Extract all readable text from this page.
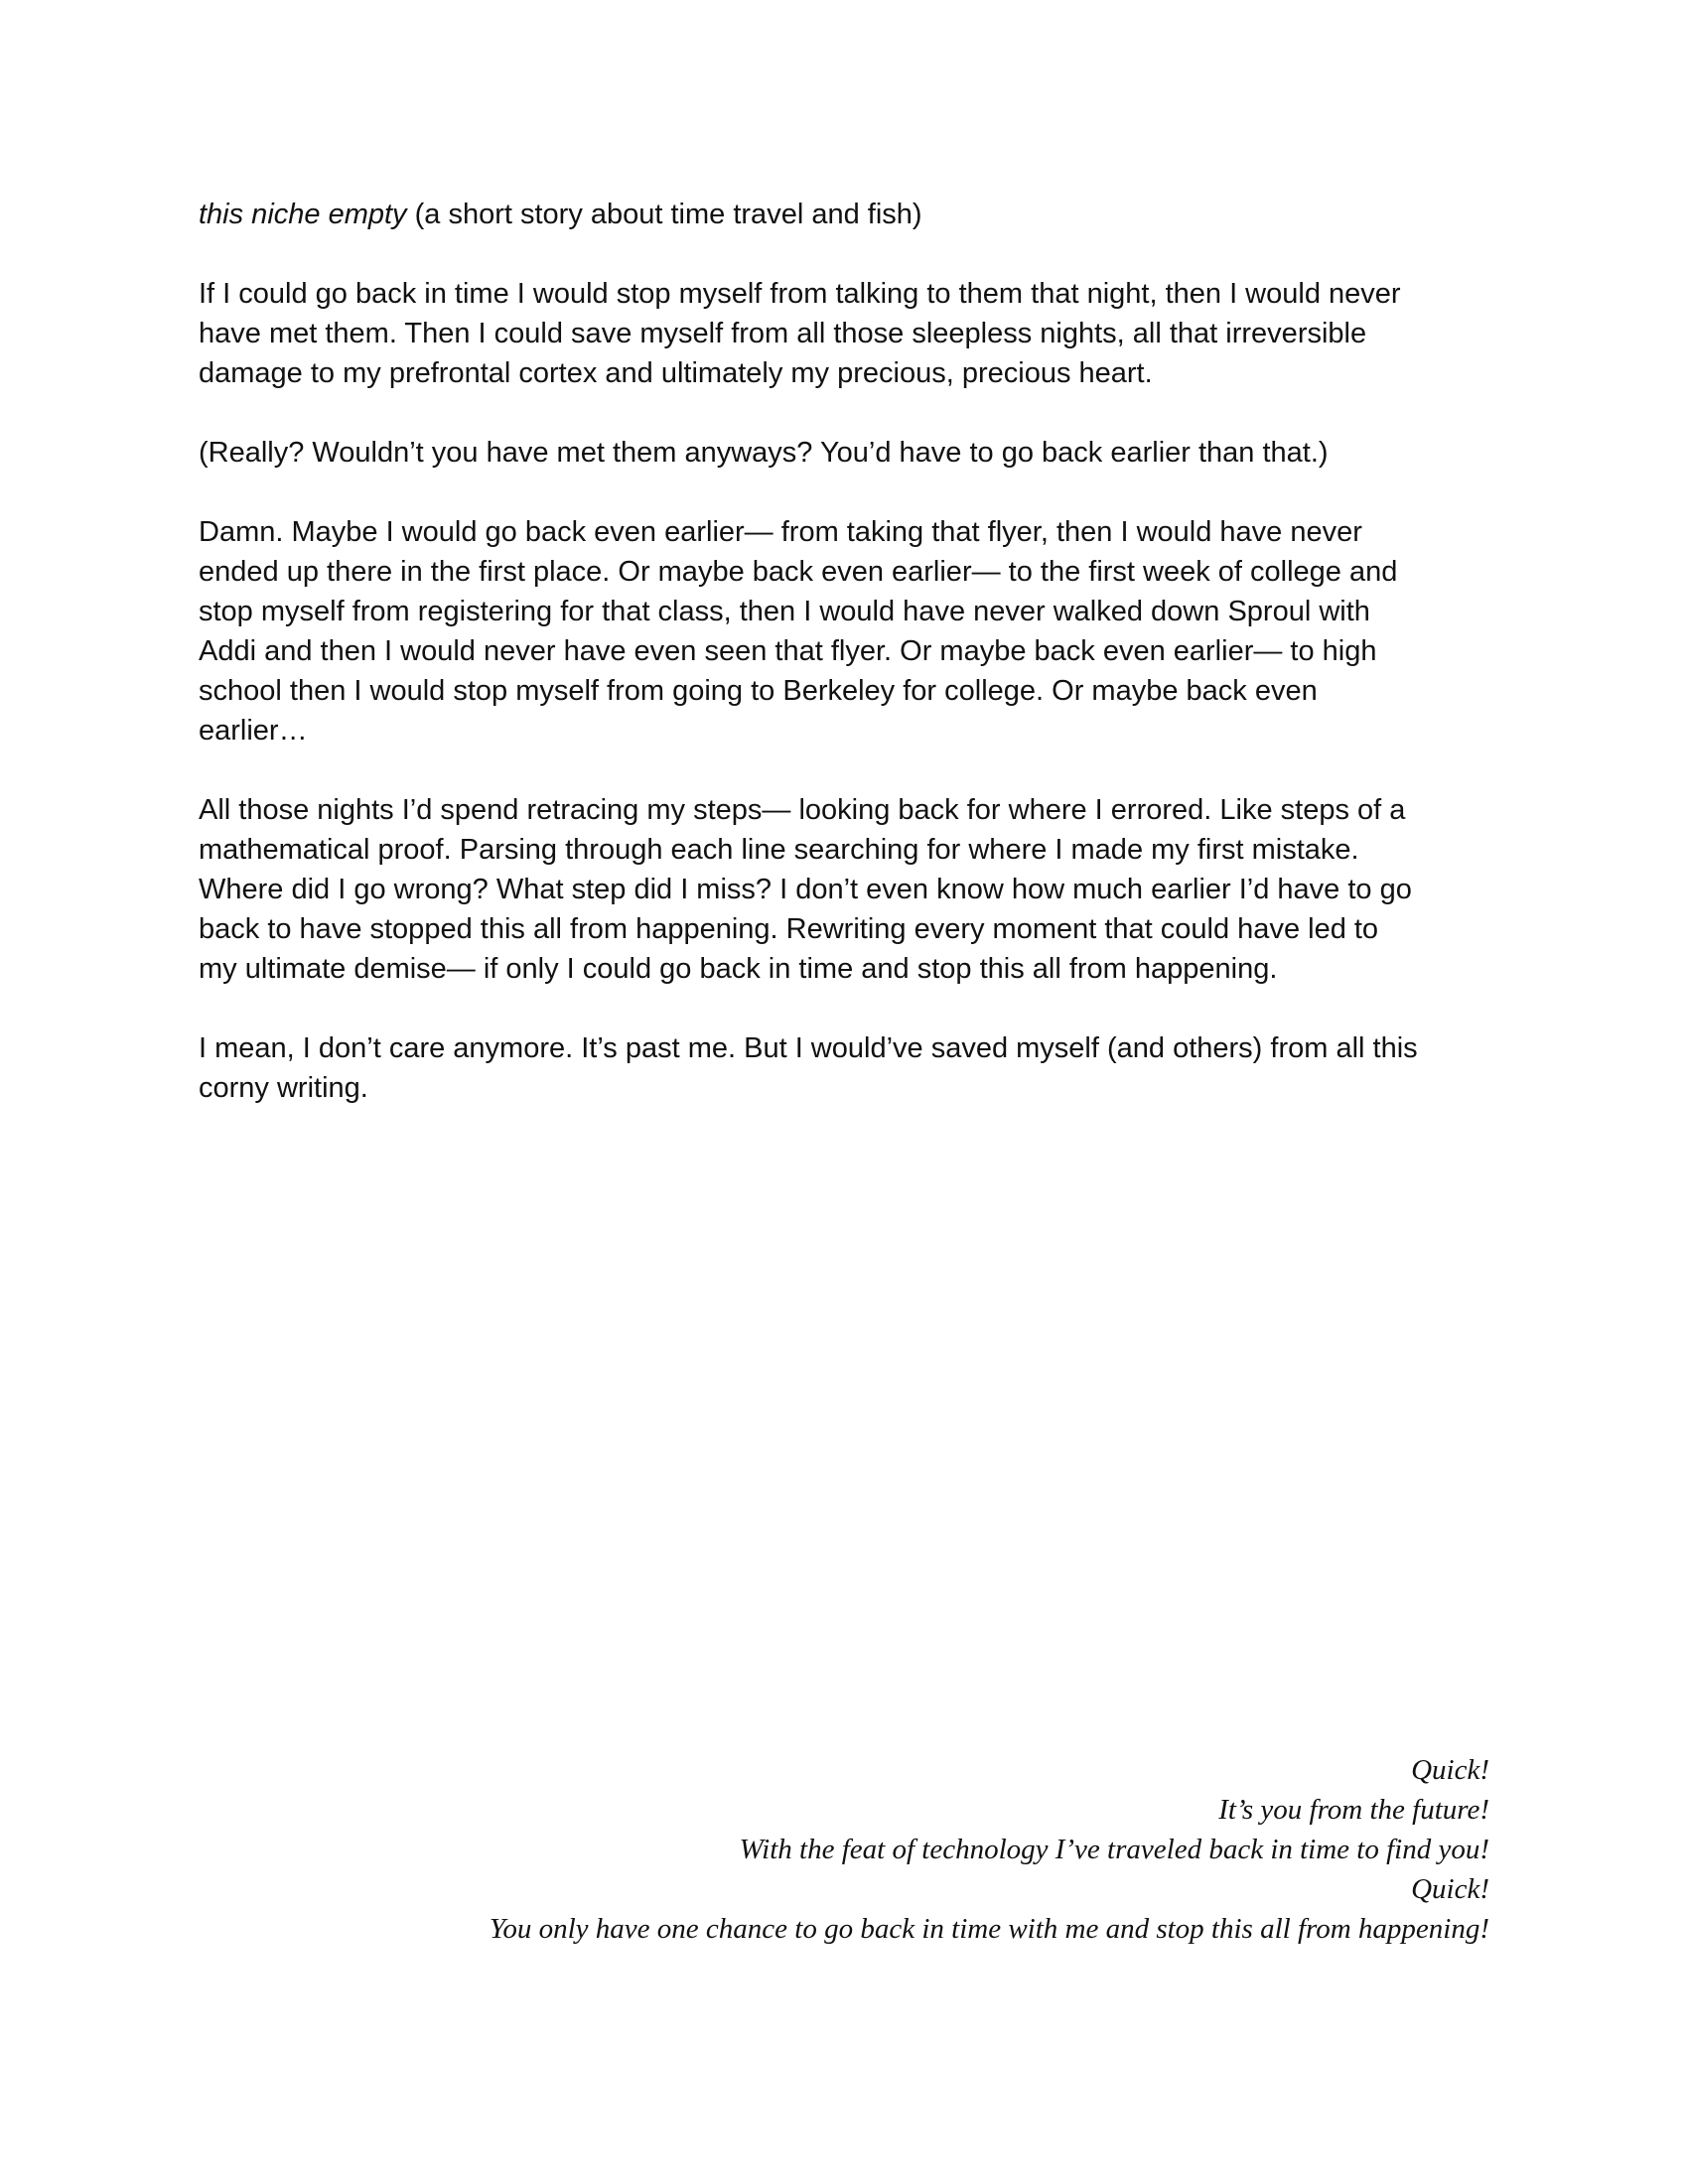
this niche empty (a short story about time travel and fish)
If I could go back in time I would stop myself from talking to them that night, then I would never
have met them. Then I could save myself from all those sleepless nights, all that irreversible
damage to my prefrontal cortex and ultimately my precious, precious heart.
(Really? Wouldn’t you have met them anyways? You’d have to go back earlier than that.)
Damn. Maybe I would go back even earlier— from taking that flyer, then I would have never
ended up there in the first place. Or maybe back even earlier— to the first week of college and
stop myself from registering for that class, then I would have never walked down Sproul with
Addi and then I would never have even seen that flyer. Or maybe back even earlier— to high
school then I would stop myself from going to Berkeley for college. Or maybe back even
earlier…
All those nights I’d spend retracing my steps— looking back for where I errored. Like steps of a
mathematical proof. Parsing through each line searching for where I made my first mistake.
Where did I go wrong? What step did I miss? I don’t even know how much earlier I’d have to go
back to have stopped this all from happening. Rewriting every moment that could have led to
my ultimate demise— if only I could go back in time and stop this all from happening.
I mean, I don’t care anymore. It’s past me. But I would’ve saved myself (and others) from all this
corny writing.
Quick!
It’s you from the future!
With the feat of technology I’ve traveled back in time to find you!
Quick!
You only have one chance to go back in time with me and stop this all from happening!
